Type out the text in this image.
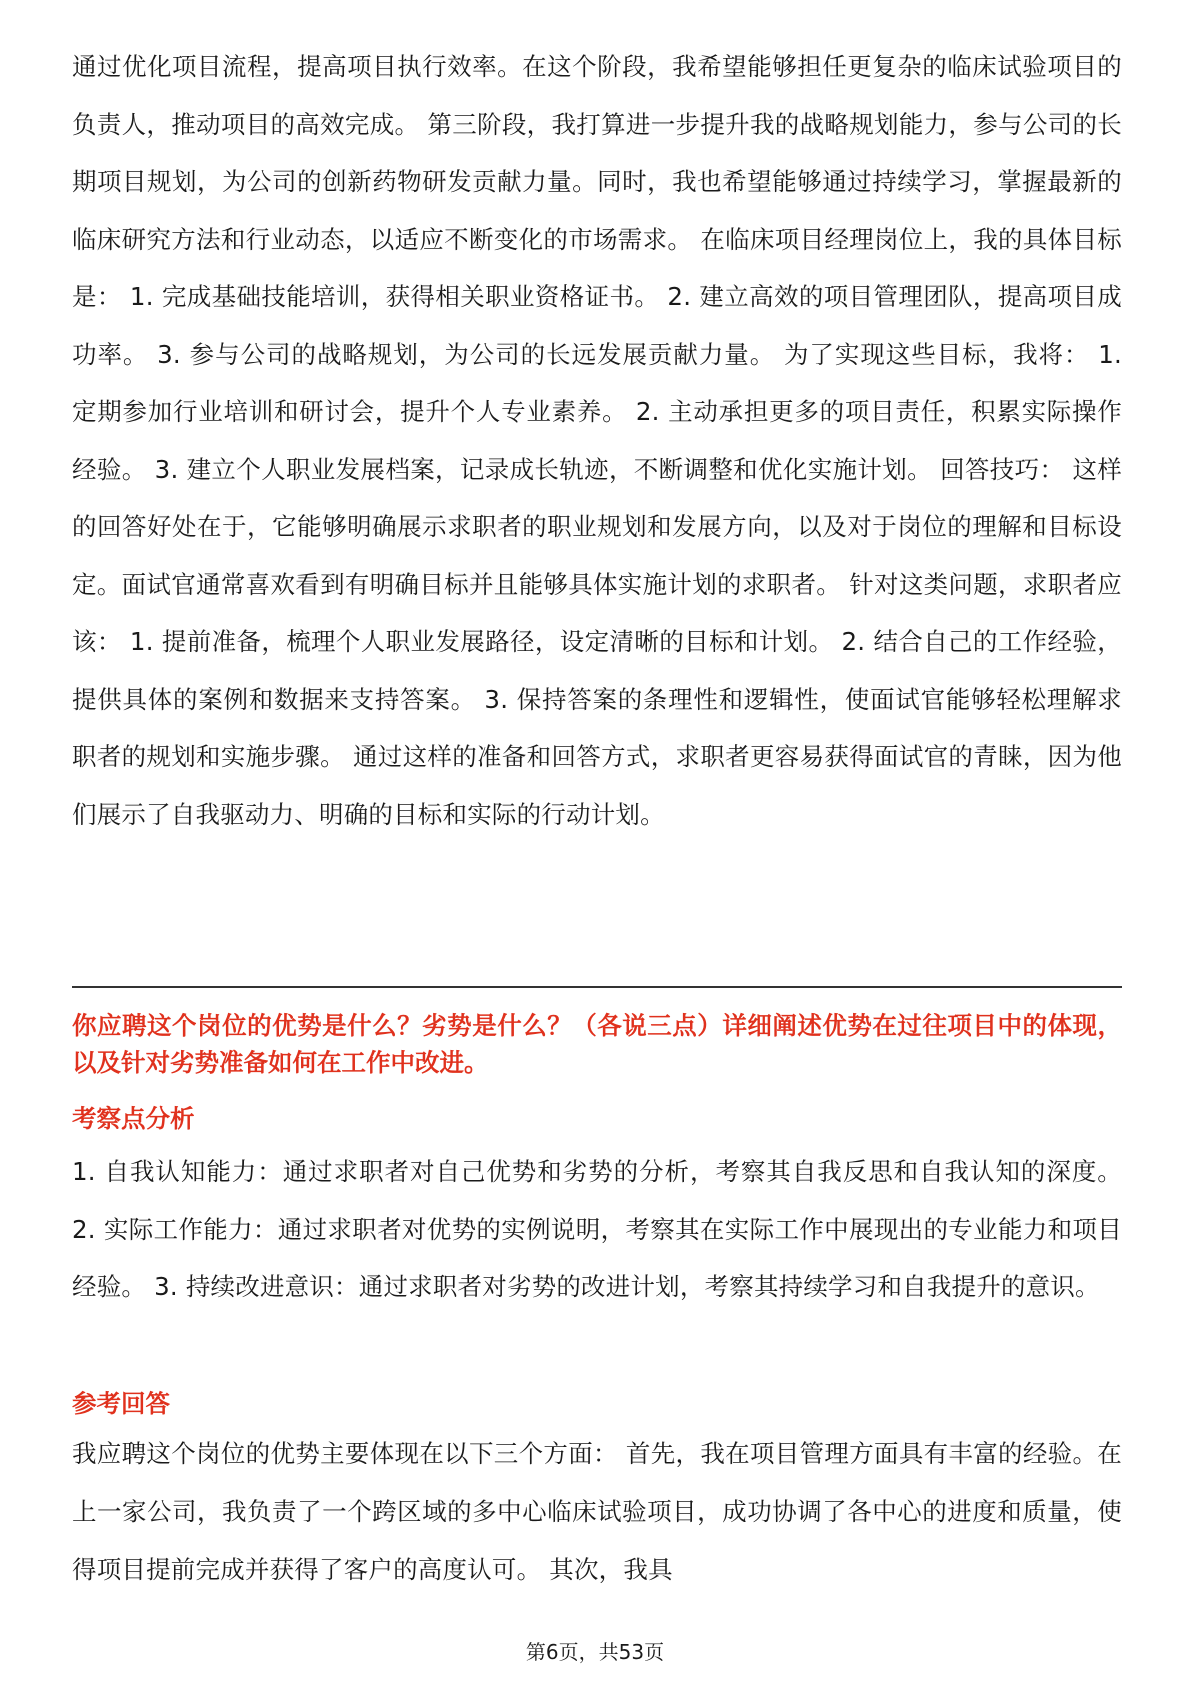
通过优化项目流程，提高项目执行效率。在这个阶段，我希望能够担任更复杂的临床试验项目的负责人，推动项目的高效完成。 第三阶段，我打算进一步提升我的战略规划能力，参与公司的长期项目规划，为公司的创新药物研发贡献力量。同时，我也希望能够通过持续学习，掌握最新的临床研究方法和行业动态，以适应不断变化的市场需求。 在临床项目经理岗位上，我的具体目标是： 1. 完成基础技能培训，获得相关职业资格证书。 2. 建立高效的项目管理团队，提高项目成功率。 3. 参与公司的战略规划，为公司的长远发展贡献力量。 为了实现这些目标，我将： 1. 定期参加行业培训和研讨会，提升个人专业素养。 2. 主动承担更多的项目责任，积累实际操作经验。 3. 建立个人职业发展档案，记录成长轨迹，不断调整和优化实施计划。 回答技巧： 这样的回答好处在于，它能够明确展示求职者的职业规划和发展方向，以及对于岗位的理解和目标设定。面试官通常喜欢看到有明确目标并且能够具体实施计划的求职者。 针对这类问题，求职者应该： 1. 提前准备，梳理个人职业发展路径，设定清晰的目标和计划。 2. 结合自己的工作经验，提供具体的案例和数据来支持答案。 3. 保持答案的条理性和逻辑性，使面试官能够轻松理解求职者的规划和实施步骤。 通过这样的准备和回答方式，求职者更容易获得面试官的青睐，因为他们展示了自我驱动力、明确的目标和实际的行动计划。
你应聘这个岗位的优势是什么？劣势是什么？（各说三点）详细阐述优势在过往项目中的体现，以及针对劣势准备如何在工作中改进。
考察点分析
1. 自我认知能力：通过求职者对自己优势和劣势的分析，考察其自我反思和自我认知的深度。 2. 实际工作能力：通过求职者对优势的实例说明，考察其在实际工作中展现出的专业能力和项目经验。 3. 持续改进意识：通过求职者对劣势的改进计划，考察其持续学习和自我提升的意识。
参考回答
我应聘这个岗位的优势主要体现在以下三个方面： 首先，我在项目管理方面具有丰富的经验。在上一家公司，我负责了一个跨区域的多中心临床试验项目，成功协调了各中心的进度和质量，使得项目提前完成并获得了客户的高度认可。 其次，我具
第6页，共53页
